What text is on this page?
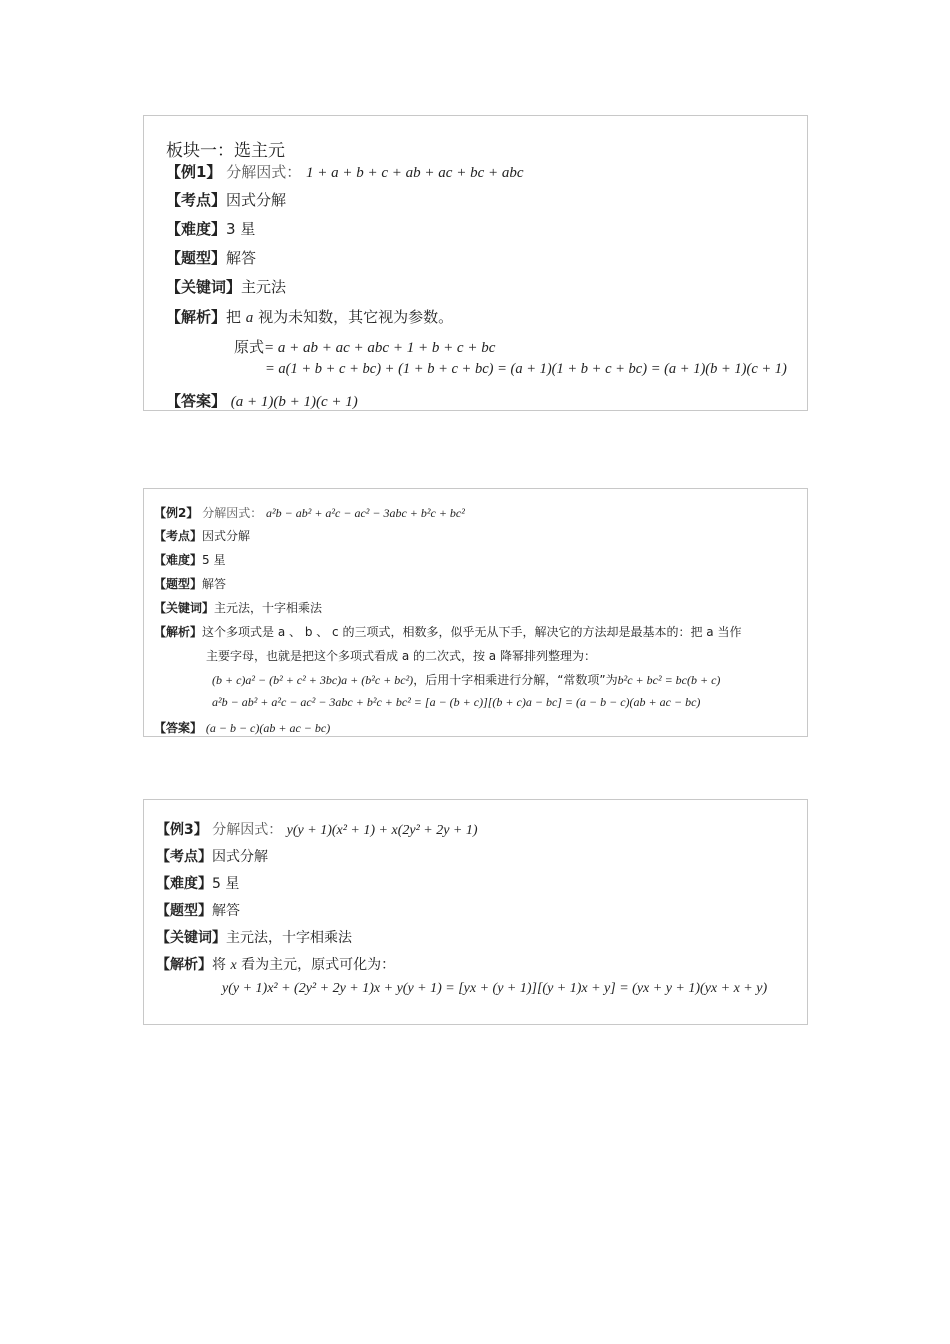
板块一：选主元
【例1】 分解因式： 1 + a + b + c + ab + ac + bc + abc
【考点】因式分解
【难度】3 星
【题型】解答
【关键词】主元法
【解析】把 a 视为未知数，其它视为参数。
原式= a + ab + ac + abc + 1 + b + c + bc
= a(1 + b + c + bc) + (1 + b + c + bc) = (a + 1)(1 + b + c + bc) = (a + 1)(b + 1)(c + 1)
【答案】 (a + 1)(b + 1)(c + 1)
【例2】 分解因式： a²b − ab² + a²c − ac² − 3abc + b²c + bc²
【考点】因式分解
【难度】5 星
【题型】解答
【关键词】主元法，十字相乘法
【解析】这个多项式是 a 、 b 、 c 的三项式，相数多，似乎无从下手，解决它的方法却是最基本的：把 a 当作
主要字母，也就是把这个多项式看成 a 的二次式，按 a 降幂排列整理为：
(b + c)a² − (b² + c² + 3bc)a + (b²c + bc²)，后用十字相乘进行分解，“常数项”为b²c + bc² = bc(b + c)
a²b − ab² + a²c − ac² − 3abc + b²c + bc² = [a − (b + c)][(b + c)a − bc] = (a − b − c)(ab + ac − bc)
【答案】 (a − b − c)(ab + ac − bc)
【例3】 分解因式： y(y + 1)(x² + 1) + x(2y² + 2y + 1)
【考点】因式分解
【难度】5 星
【题型】解答
【关键词】主元法，十字相乘法
【解析】将 x 看为主元，原式可化为：
y(y + 1)x² + (2y² + 2y + 1)x + y(y + 1) = [yx + (y + 1)][(y + 1)x + y] = (yx + y + 1)(yx + x + y)
